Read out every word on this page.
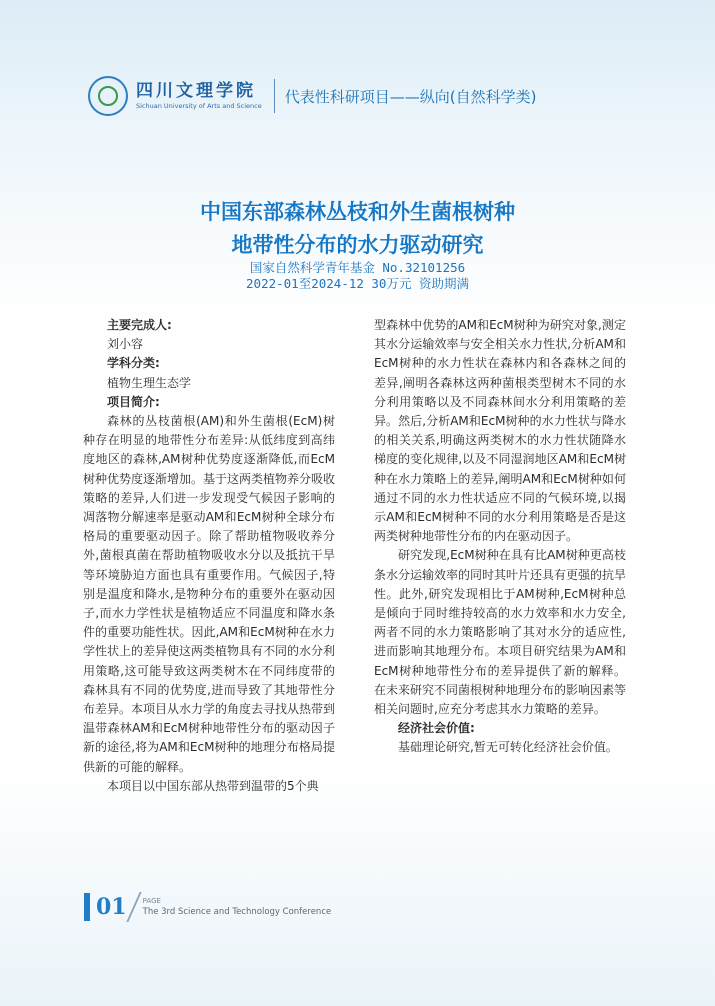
四川文理学院
Sichuan University of Arts and Science
代表性科研项目——纵向(自然科学类)
中国东部森林丛枝和外生菌根树种
地带性分布的水力驱动研究
国家自然科学青年基金 No.32101256
2022-01至2024-12 30万元 资助期满
主要完成人:
刘小容
学科分类:
植物生理生态学
项目简介:

森林的丛枝菌根(AM)和外生菌根(EcM)树种存在明显的地带性分布差异:从低纬度到高纬度地区的森林,AM树种优势度逐渐降低,而EcM树种优势度逐渐增加。基于这两类植物养分吸收策略的差异,人们进一步发现受气候因子影响的凋落物分解速率是驱动AM和EcM树种全球分布格局的重要驱动因子。除了帮助植物吸收养分外,菌根真菌在帮助植物吸收水分以及抵抗干旱等环境胁迫方面也具有重要作用。气候因子,特别是温度和降水,是物种分布的重要外在驱动因子,而水力学性状是植物适应不同温度和降水条件的重要功能性状。因此,AM和EcM树种在水力学性状上的差异使这两类植物具有不同的水分利用策略,这可能导致这两类树木在不同纬度带的森林具有不同的优势度,进而导致了其地带性分布差异。本项目从水力学的角度去寻找从热带到温带森林AM和EcM树种地带性分布的驱动因子新的途径,将为AM和EcM树种的地理分布格局提供新的可能的解释。

本项目以中国东部从热带到温带的5个典

型森林中优势的AM和EcM树种为研究对象,测定其水分运输效率与安全相关水力性状,分析AM和EcM树种的水力性状在森林内和各森林之间的差异,阐明各森林这两种菌根类型树木不同的水分利用策略以及不同森林间水分利用策略的差异。然后,分析AM和EcM树种的水力性状与降水的相关关系,明确这两类树木的水力性状随降水梯度的变化规律,以及不同湿润地区AM和EcM树种在水力策略上的差异,阐明AM和EcM树种如何通过不同的水力性状适应不同的气候环境,以揭示AM和EcM树种不同的水分利用策略是否是这两类树种地带性分布的内在驱动因子。

研究发现,EcM树种在具有比AM树种更高枝条水分运输效率的同时其叶片还具有更强的抗旱性。此外,研究发现相比于AM树种,EcM树种总是倾向于同时维持较高的水力效率和水力安全,两者不同的水力策略影响了其对水分的适应性,进而影响其地理分布。本项目研究结果为AM和EcM树种地带性分布的差异提供了新的解释。在未来研究不同菌根树种地理分布的影响因素等相关问题时,应充分考虑其水力策略的差异。

经济社会价值:

基础理论研究,暂无可转化经济社会价值。

01 PAGE
The 3rd Science and Technology Conference
